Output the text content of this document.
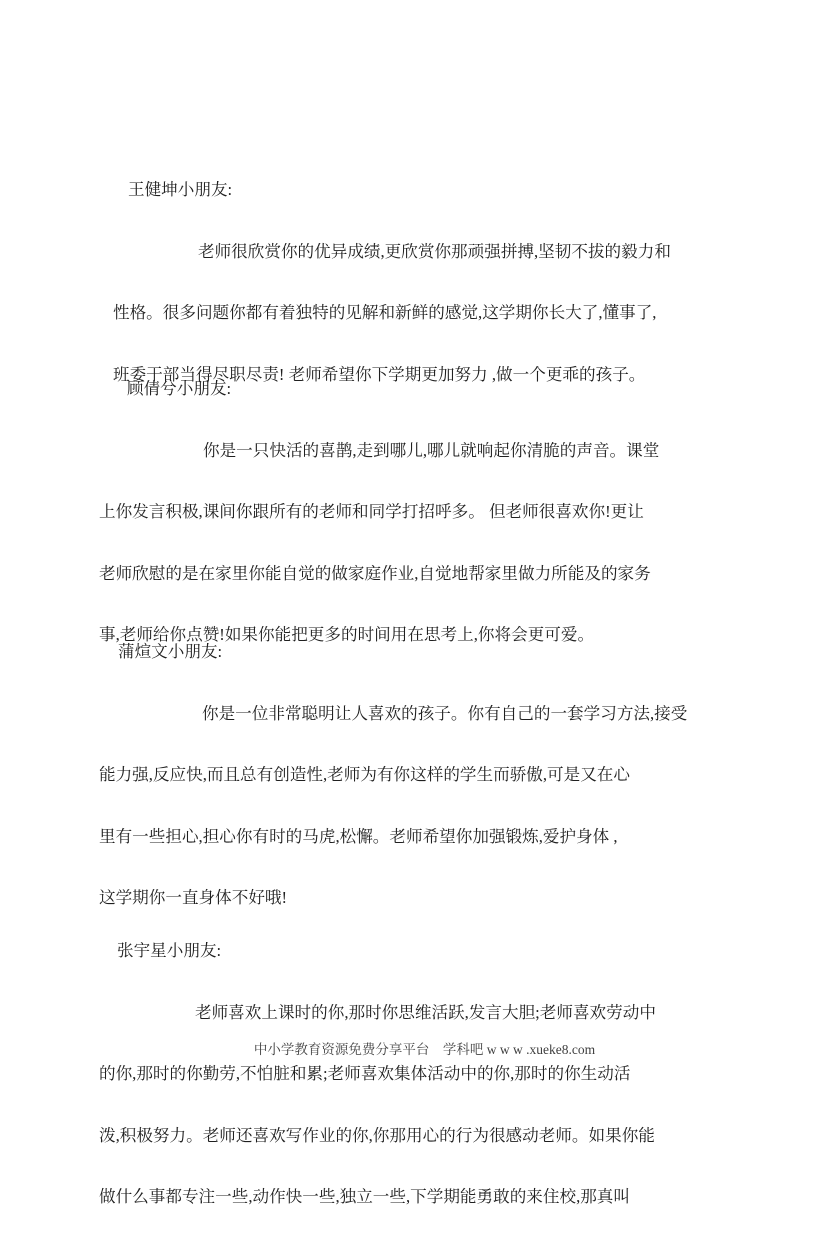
王健坤小朋友:

老师很欣赏你的优异成绩,更欣赏你那顽强拼搏,坚韧不拔的毅力和

性格。很多问题你都有着独特的见解和新鲜的感觉,这学期你长大了,懂事了,

班委干部当得尽职尽责! 老师希望你下学期更加努力 ,做一个更乖的孩子。

顾倩兮小朋友:

你是一只快活的喜鹊,走到哪儿,哪儿就响起你清脆的声音。课堂

上你发言积极,课间你跟所有的老师和同学打招呼多。 但老师很喜欢你!更让

老师欣慰的是在家里你能自觉的做家庭作业,自觉地帮家里做力所能及的家务

事,老师给你点赞!如果你能把更多的时间用在思考上,你将会更可爱。

蒲煊文小朋友:

你是一位非常聪明让人喜欢的孩子。你有自己的一套学习方法,接受

能力强,反应快,而且总有创造性,老师为有你这样的学生而骄傲,可是又在心

里有一些担心,担心你有时的马虎,松懈。老师希望你加强锻炼,爱护身体 ,

这学期你一直身体不好哦!

张宇星小朋友:

老师喜欢上课时的你,那时你思维活跃,发言大胆;老师喜欢劳动中

的你,那时的你勤劳,不怕脏和累;老师喜欢集体活动中的你,那时的你生动活

泼,积极努力。老师还喜欢写作业的你,你那用心的行为很感动老师。如果你能

做什么事都专注一些,动作快一些,独立一些,下学期能勇敢的来住校,那真叫

中小学教育资源免费分享平台　学科吧 w w w .xueke8.com
